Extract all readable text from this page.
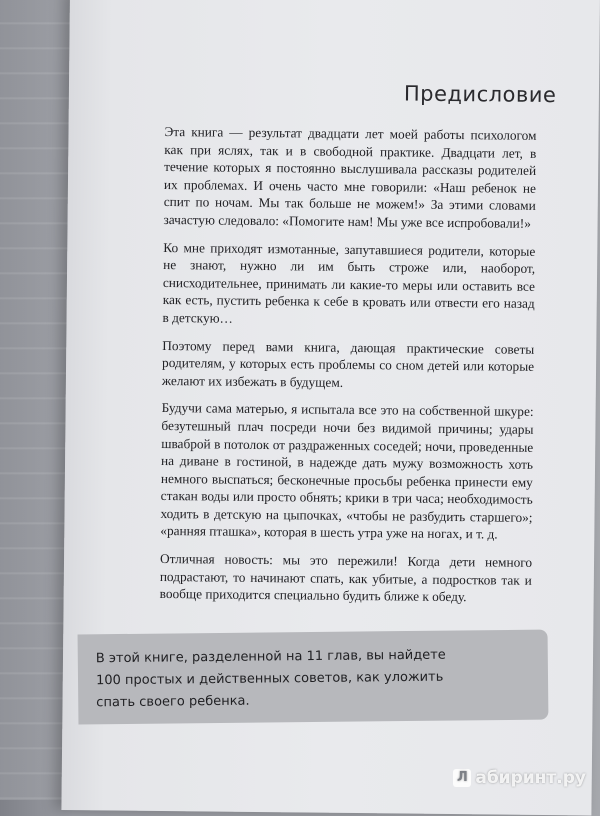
Предисловие

Эта книга — результат двадцати лет моей работы психологом как при яслях, так и в свободной практике. Двадцати лет, в течение которых я постоянно выслушивала рассказы родителей их проблемах. И очень часто мне говорили: «Наш ребенок не спит по ночам. Мы так больше не можем!» За этими словами зачастую следовало: «Помогите нам! Мы уже все испробовали!»

Ко мне приходят измотанные, запутавшиеся родители, которые не знают, нужно ли им быть строже или, наоборот, снисходительнее, принимать ли какие-то меры или оставить все как есть, пустить ребенка к себе в кровать или отвести его назад в детскую…

Поэтому перед вами книга, дающая практические советы родителям, у которых есть проблемы со сном детей или которые желают их избежать в будущем.

Будучи сама матерью, я испытала все это на собственной шкуре: безутешный плач посреди ночи без видимой причины; удары шваброй в потолок от раздраженных соседей; ночи, проведенные на диване в гостиной, в надежде дать мужу возможность хоть немного выспаться; бесконечные просьбы ребенка принести ему стакан воды или просто обнять; крики в три часа; необходимость ходить в детскую на цыпочках, «чтобы не разбудить старшего»; «ранняя пташка», которая в шесть утра уже на ногах, и т. д.

Отличная новость: мы это пережили! Когда дети немного подрастают, то начинают спать, как убитые, а подростков так и вообще приходится специально будить ближе к обеду.

В этой книге, разделенной на 11 глав, вы найдете 100 простых и действенных советов, как уложить спать своего ребенка.
Л абиринт.ру
